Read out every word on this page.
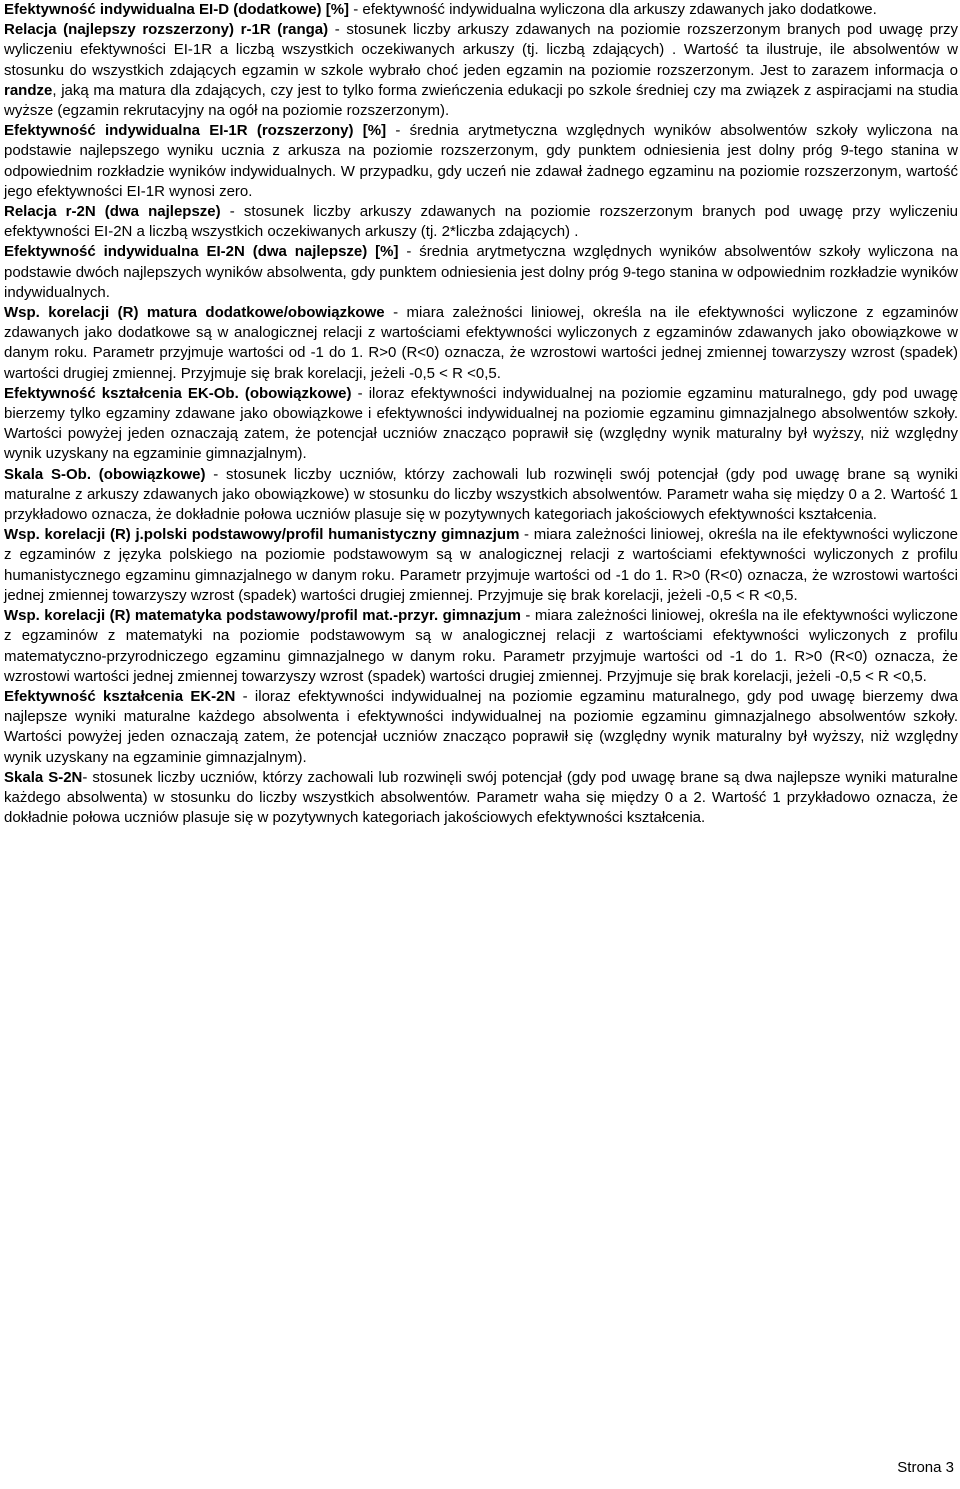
Efektywność indywidualna EI-D (dodatkowe) [%] - efektywność indywidualna wyliczona dla arkuszy zdawanych jako dodatkowe.

Relacja (najlepszy rozszerzony) r-1R (ranga) - stosunek liczby arkuszy zdawanych na poziomie rozszerzonym branych pod uwagę przy wyliczeniu efektywności EI-1R a liczbą wszystkich oczekiwanych arkuszy (tj. liczbą zdających) . Wartość ta ilustruje, ile absolwentów w stosunku do wszystkich zdających egzamin w szkole wybrało choć jeden egzamin na poziomie rozszerzonym. Jest to zarazem informacja o randze, jaką ma matura dla zdających, czy jest to tylko forma zwieńczenia edukacji po szkole średniej czy ma związek z aspiracjami na studia wyższe (egzamin rekrutacyjny na ogół na poziomie rozszerzonym).

Efektywność indywidualna EI-1R (rozszerzony) [%] - średnia arytmetyczna względnych wyników absolwentów szkoły wyliczona na podstawie najlepszego wyniku ucznia z arkusza na poziomie rozszerzonym, gdy punktem odniesienia jest dolny próg 9-tego stanina w odpowiednim rozkładzie wyników indywidualnych. W przypadku, gdy uczeń nie zdawał żadnego egzaminu na poziomie rozszerzonym, wartość jego efektywności EI-1R wynosi zero.

Relacja r-2N (dwa najlepsze) - stosunek liczby arkuszy zdawanych na poziomie rozszerzonym branych pod uwagę przy wyliczeniu efektywności EI-2N a liczbą wszystkich oczekiwanych arkuszy (tj. 2*liczba zdających) .

Efektywność indywidualna EI-2N (dwa najlepsze) [%] - średnia arytmetyczna względnych wyników absolwentów szkoły wyliczona na podstawie dwóch najlepszych wyników absolwenta, gdy punktem odniesienia jest dolny próg 9-tego stanina w odpowiednim rozkładzie wyników indywidualnych.

Wsp. korelacji (R) matura dodatkowe/obowiązkowe - miara zależności liniowej, określa na ile efektywności wyliczone z egzaminów zdawanych jako dodatkowe są w analogicznej relacji z wartościami efektywności wyliczonych z egzaminów zdawanych jako obowiązkowe w danym roku. Parametr przyjmuje wartości od -1 do 1. R>0 (R<0) oznacza, że wzrostowi wartości jednej zmiennej towarzyszy wzrost (spadek) wartości drugiej zmiennej. Przyjmuje się brak korelacji, jeżeli -0,5 < R <0,5.

Efektywność kształcenia EK-Ob. (obowiązkowe) - iloraz efektywności indywidualnej na poziomie egzaminu maturalnego, gdy pod uwagę bierzemy tylko egzaminy zdawane jako obowiązkowe i efektywności indywidualnej na poziomie egzaminu gimnazjalnego absolwentów szkoły. Wartości powyżej jeden oznaczają zatem, że potencjał uczniów znacząco poprawił się (względny wynik maturalny był wyższy, niż względny wynik uzyskany na egzaminie gimnazjalnym).

Skala S-Ob. (obowiązkowe) - stosunek liczby uczniów, którzy zachowali lub rozwinęli swój potencjał (gdy pod uwagę brane są wyniki maturalne z arkuszy zdawanych jako obowiązkowe) w stosunku do liczby wszystkich absolwentów. Parametr waha się między 0 a 2. Wartość 1 przykładowo oznacza, że dokładnie połowa uczniów plasuje się w pozytywnych kategoriach jakościowych efektywności kształcenia.

Wsp. korelacji (R) j.polski podstawowy/profil humanistyczny gimnazjum - miara zależności liniowej, określa na ile efektywności wyliczone z egzaminów z języka polskiego na poziomie podstawowym są w analogicznej relacji z wartościami efektywności wyliczonych z profilu humanistycznego egzaminu gimnazjalnego w danym roku. Parametr przyjmuje wartości od -1 do 1. R>0 (R<0) oznacza, że wzrostowi wartości jednej zmiennej towarzyszy wzrost (spadek) wartości drugiej zmiennej. Przyjmuje się brak korelacji, jeżeli -0,5 < R <0,5.

Wsp. korelacji (R) matematyka podstawowy/profil mat.-przyr. gimnazjum - miara zależności liniowej, określa na ile efektywności wyliczone z egzaminów z matematyki na poziomie podstawowym są w analogicznej relacji z wartościami efektywności wyliczonych z profilu matematyczno-przyrodniczego egzaminu gimnazjalnego w danym roku. Parametr przyjmuje wartości od -1 do 1. R>0 (R<0) oznacza, że wzrostowi wartości jednej zmiennej towarzyszy wzrost (spadek) wartości drugiej zmiennej. Przyjmuje się brak korelacji, jeżeli -0,5 < R <0,5.

Efektywność kształcenia EK-2N - iloraz efektywności indywidualnej na poziomie egzaminu maturalnego, gdy pod uwagę bierzemy dwa najlepsze wyniki maturalne każdego absolwenta i efektywności indywidualnej na poziomie egzaminu gimnazjalnego absolwentów szkoły. Wartości powyżej jeden oznaczają zatem, że potencjał uczniów znacząco poprawił się (względny wynik maturalny był wyższy, niż względny wynik uzyskany na egzaminie gimnazjalnym).

Skala S-2N- stosunek liczby uczniów, którzy zachowali lub rozwinęli swój potencjał (gdy pod uwagę brane są dwa najlepsze wyniki maturalne każdego absolwenta) w stosunku do liczby wszystkich absolwentów. Parametr waha się między 0 a 2. Wartość 1 przykładowo oznacza, że dokładnie połowa uczniów plasuje się w pozytywnych kategoriach jakościowych efektywności kształcenia.

Strona 3
